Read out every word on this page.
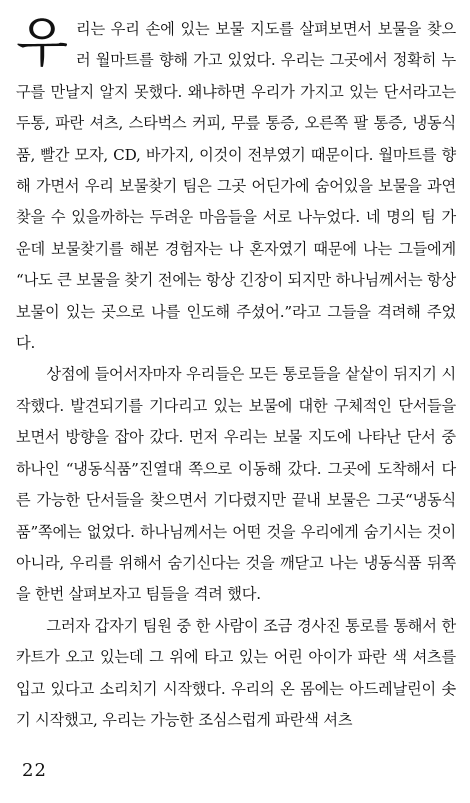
우리는 우리 손에 있는 보물 지도를 살펴보면서 보물을 찾으러 월마트를 향해 가고 있었다. 우리는 그곳에서 정확히 누구를 만날지 알지 못했다. 왜냐하면 우리가 가지고 있는 단서라고는 두통, 파란 셔츠, 스타벅스 커피, 무릎 통증, 오른쪽 팔 통증, 냉동식품, 빨간 모자, CD, 바가지, 이것이 전부였기 때문이다. 월마트를 향해 가면서 우리 보물찾기 팀은 그곳 어딘가에 숨어있을 보물을 과연 찾을 수 있을까하는 두려운 마음들을 서로 나누었다. 네 명의 팀 가운데 보물찾기를 해본 경험자는 나 혼자였기 때문에 나는 그들에게 “나도 큰 보물을 찾기 전에는 항상 긴장이 되지만 하나님께서는 항상 보물이 있는 곳으로 나를 인도해 주셨어.”라고 그들을 격려해 주었다.

상점에 들어서자마자 우리들은 모든 통로들을 샅샅이 뒤지기 시작했다. 발견되기를 기다리고 있는 보물에 대한 구체적인 단서들을 보면서 방향을 잡아 갔다. 먼저 우리는 보물 지도에 나타난 단서 중 하나인 “냉동식품”진열대 쪽으로 이동해 갔다. 그곳에 도착해서 다른 가능한 단서들을 찾으면서 기다렸지만 끝내 보물은 그곳“냉동식품”쪽에는 없었다. 하나님께서는 어떤 것을 우리에게 숨기시는 것이 아니라, 우리를 위해서 숨기신다는 것을 깨닫고 나는 냉동식품 뒤쪽을 한번 살펴보자고 팀들을 격려 했다.

그러자 갑자기 팀원 중 한 사람이 조금 경사진 통로를 통해서 한 카트가 오고 있는데 그 위에 타고 있는 어린 아이가 파란 색 셔츠를 입고 있다고 소리치기 시작했다. 우리의 온 몸에는 아드레날린이 솟기 시작했고, 우리는 가능한 조심스럽게 파란색 셔츠

22
